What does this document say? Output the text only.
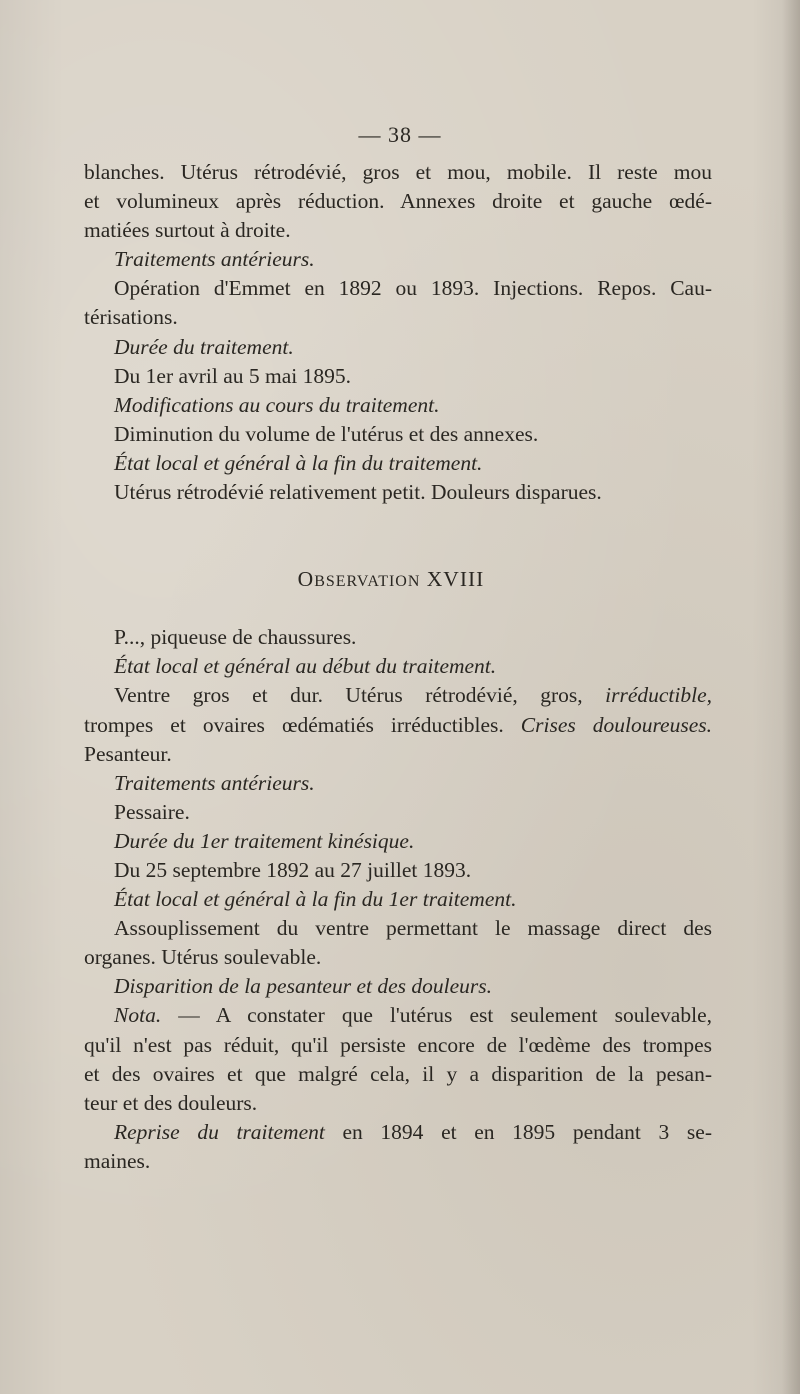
— 38 —
blanches. Utérus rétrodévié, gros et mou, mobile. Il reste mou
et volumineux après réduction. Annexes droite et gauche œdé-
matiées surtout à droite.
Traitements antérieurs.
Opération d'Emmet en 1892 ou 1893. Injections. Repos. Cau-
térisations.
Durée du traitement.
Du 1er avril au 5 mai 1895.
Modifications au cours du traitement.
Diminution du volume de l'utérus et des annexes.
État local et général à la fin du traitement.
Utérus rétrodévié relativement petit. Douleurs disparues.
OBSERVATION XVIII
P..., piqueuse de chaussures.
État local et général au début du traitement.
Ventre gros et dur. Utérus rétrodévié, gros, irréductible,
trompes et ovaires œdématiés irréductibles. Crises douloureuses.
Pesanteur.
Traitements antérieurs.
Pessaire.
Durée du 1er traitement kinésique.
Du 25 septembre 1892 au 27 juillet 1893.
État local et général à la fin du 1er traitement.
Assouplissement du ventre permettant le massage direct des
organes. Utérus soulevable.
Disparition de la pesanteur et des douleurs.
Nota. — A constater que l'utérus est seulement soulevable,
qu'il n'est pas réduit, qu'il persiste encore de l'œdème des trompes
et des ovaires et que malgré cela, il y a disparition de la pesan-
teur et des douleurs.
Reprise du traitement en 1894 et en 1895 pendant 3 se-
maines.
